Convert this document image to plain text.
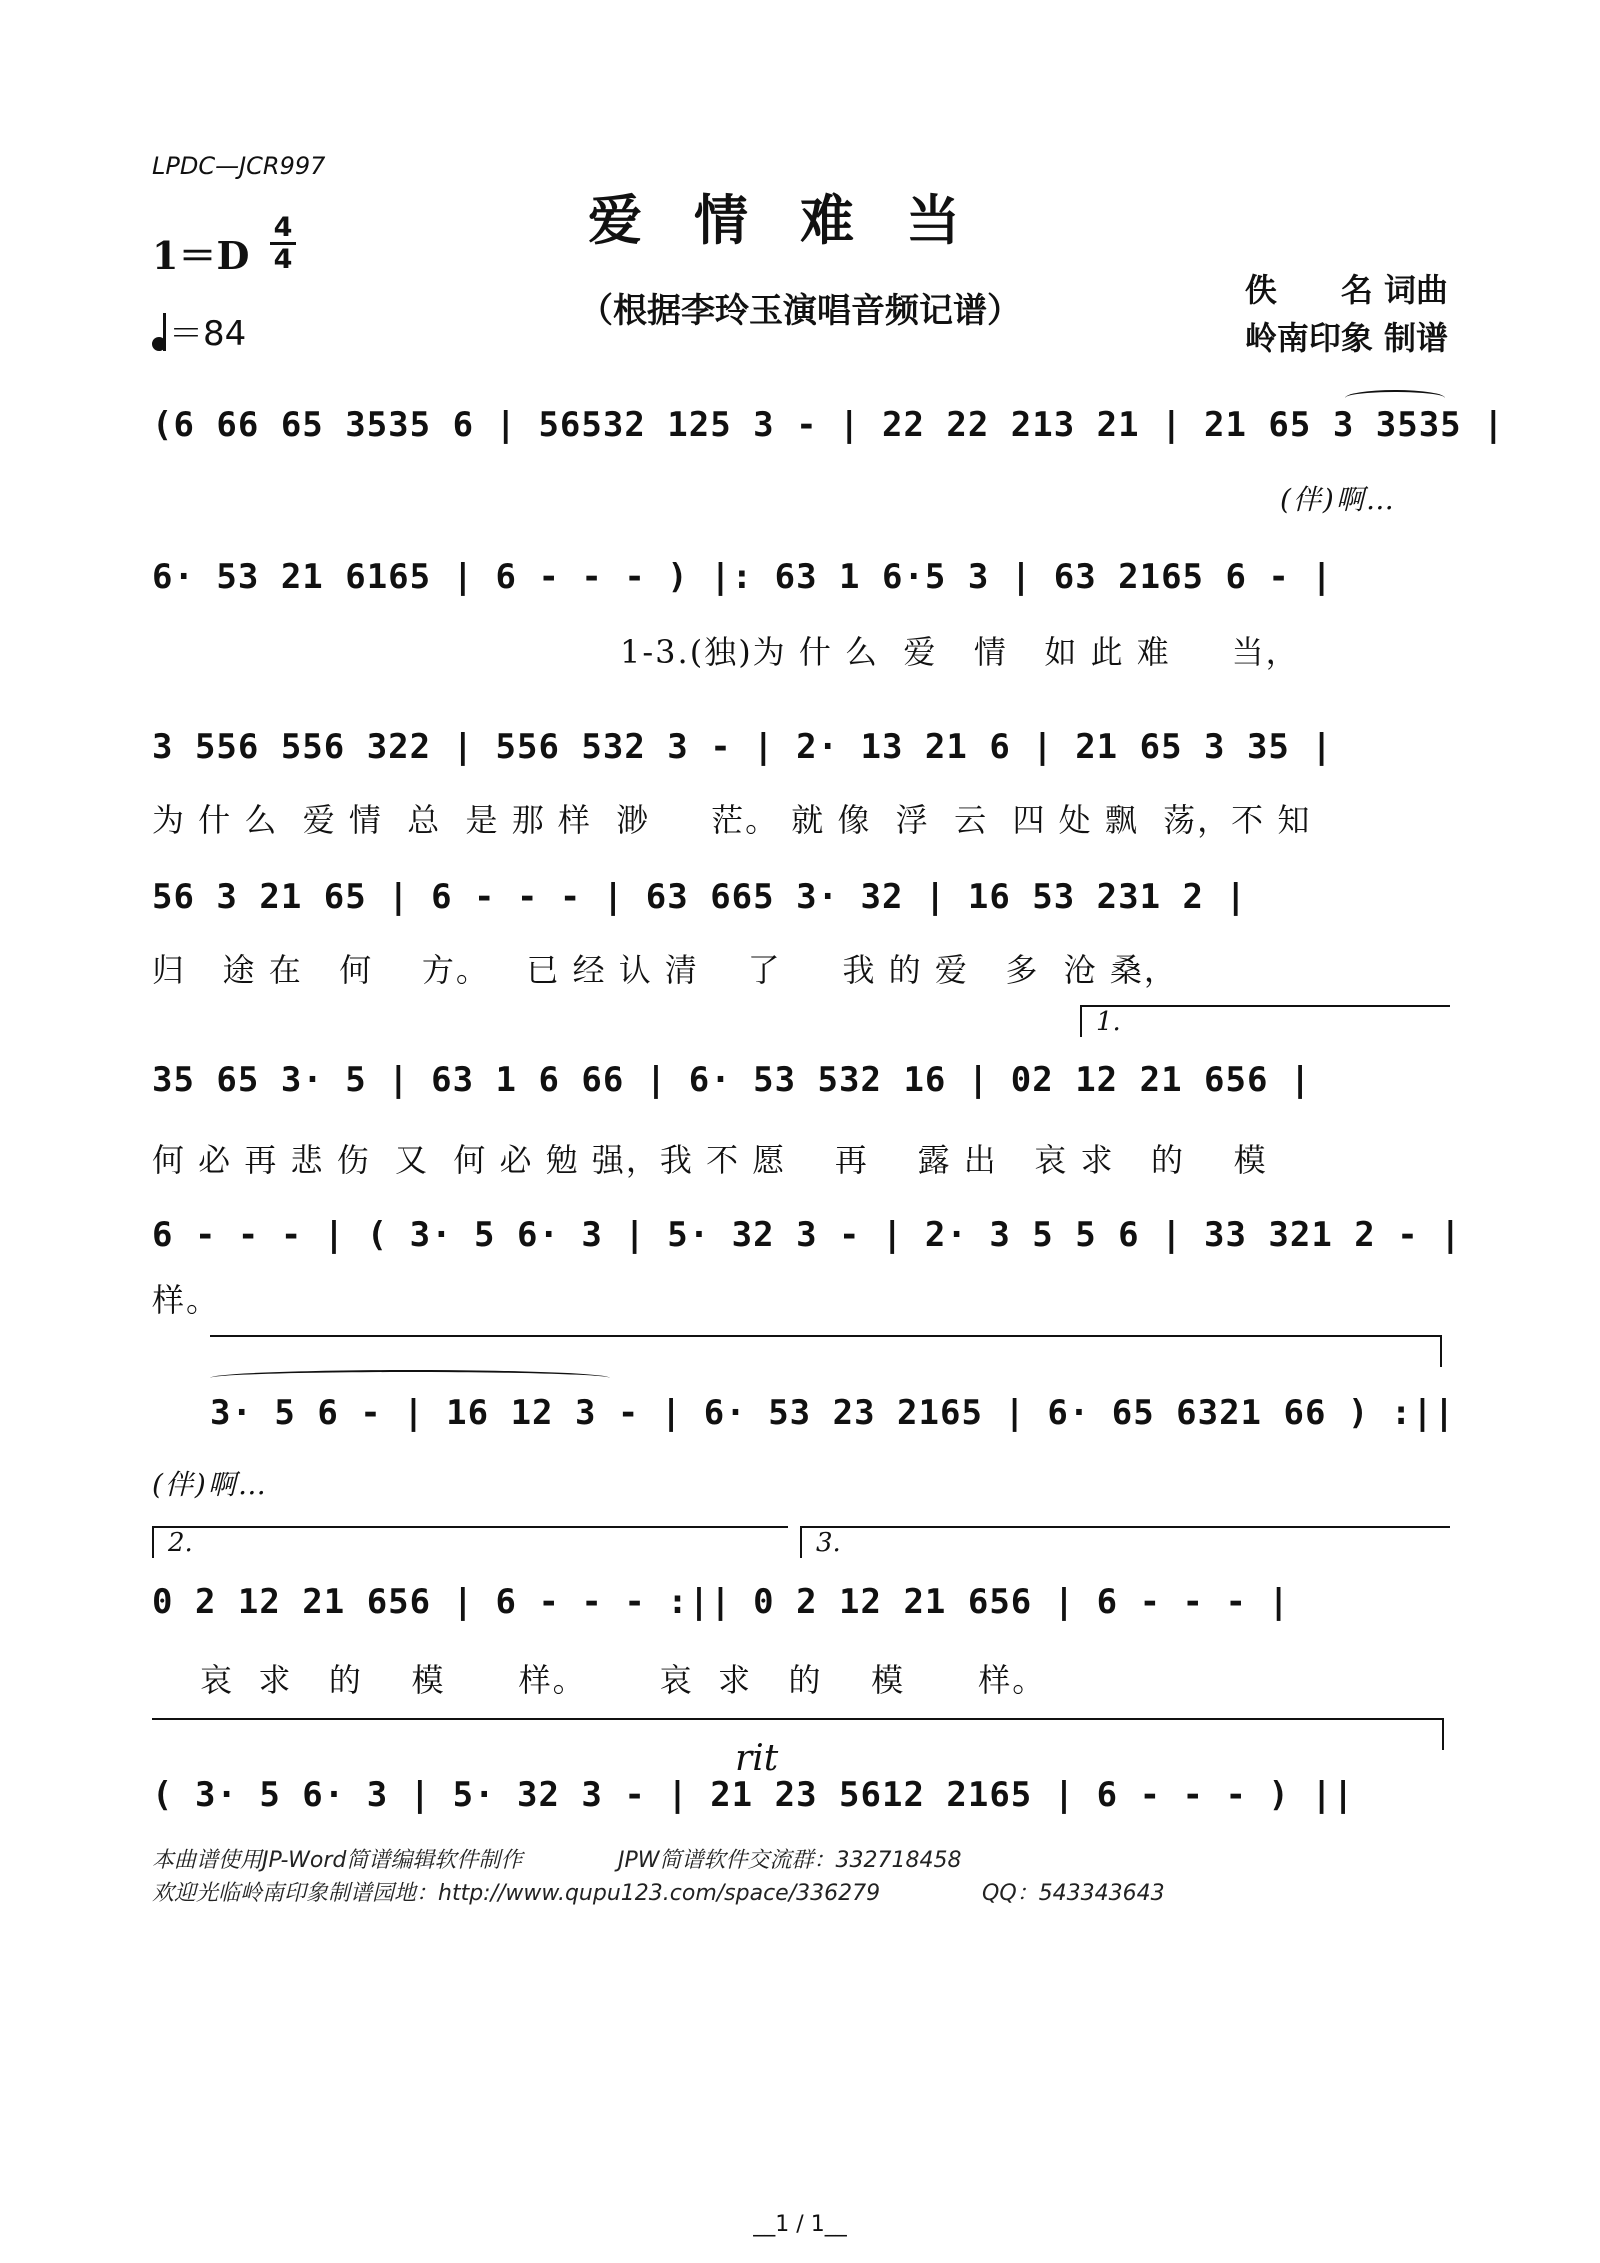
LPDC—JCR997
爱情难当
（根据李玲玉演唱音频记谱）
1＝D
4
4
＝84
佚　　名 词曲
岭南印象 制谱
(6 66 65 3535 6 | 56532 125 3 - | 22 22 213 21 | 21 65 3 3535 |
(伴)啊…
6· 53 21 6165 | 6 - - - ) |: 63 1 6·5 3 | 63 2165 6 - |
1-3.(独)为 什 么  爱   情   如 此 难     当，
3 556 556 322 | 556 532 3 - | 2· 13 21 6 | 21 65 3 35 |
为 什 么  爱 情  总  是 那 样  渺     茫。 就 像  浮  云  四 处 飘  荡，不 知
56 3 21 65 | 6 - - - | 63 665 3· 32 | 16 53 231 2 |
归   途 在   何    方。   已 经 认 清    了     我 的 爱   多  沧 桑，
1.
35 65 3· 5 | 63 1 6 66 | 6· 53 532 16 | 02 12 21 656 |
何 必 再 悲 伤  又  何 必 勉 强，我 不 愿    再    露 出   哀 求   的    模
6 - - - | ( 3· 5 6· 3 | 5· 32 3 - | 2· 3 5 5 6 | 33 321 2 - |
样。
3· 5 6 - | 16 12 3 - | 6· 53 23 2165 | 6· 65 6321 66 ) :||
(伴)啊…
2.	3.
0 2 12 21 656 | 6 - - - :|| 0 2 12 21 656 | 6 - - - |
哀  求   的    模      样。      哀  求   的    模      样。
rit
( 3· 5 6· 3 | 5· 32 3 - | 21 23 5612 2165 | 6 - - - ) ||
本曲谱使用JP-Word简谱编辑软件制作	JPW简谱软件交流群：332718458
欢迎光临岭南印象制谱园地：http://www.qupu123.com/space/336279	QQ：543343643
__1 / 1__
